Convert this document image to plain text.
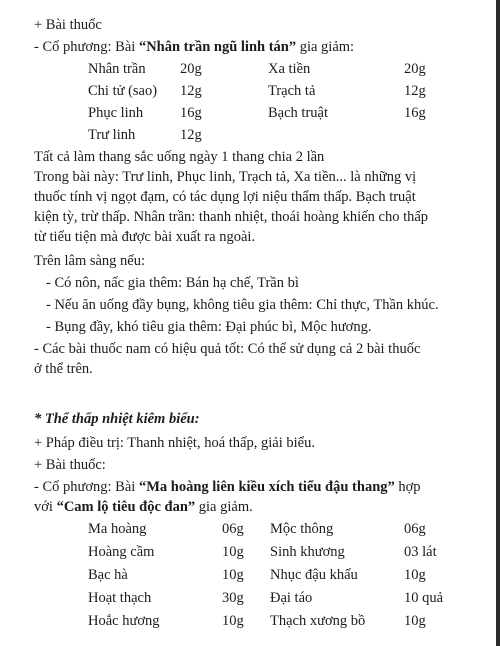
+ Bài thuốc
- Cổ phương: Bài “Nhân trần ngũ linh tán” gia giảm:
Nhân trần 20g	Xa tiền	20g
Chi tử (sao) 12g	Trạch tả	12g
Phục linh	16g	Bạch truật	16g
Trư linh	12g
Tất cả làm thang sắc uống ngày 1 thang chia 2 lần
Trong bài này: Trư linh, Phục linh, Trạch tả, Xa tiền... là những vị
thuốc tính vị ngọt đạm, có tác dụng lợi niệu thẩm thấp. Bạch truật
kiện tỳ, trừ thấp. Nhân trần: thanh nhiệt, thoái hoàng khiến cho thấp
từ tiểu tiện mà được bài xuất ra ngoài.
Trên lâm sàng nếu:
- Có nôn, nấc gia thêm: Bán hạ chế, Trần bì
- Nếu ăn uống đầy bụng, không tiêu gia thêm: Chỉ thực, Thần khúc.
- Bụng đầy, khó tiêu gia thêm: Đại phúc bì, Mộc hương.
- Các bài thuốc nam có hiệu quả tốt: Có thể sử dụng cả 2 bài thuốc
ở thể trên.
* Thể thấp nhiệt kiêm biểu:
+ Pháp điều trị: Thanh nhiệt, hoá thấp, giải biểu.
+ Bài thuốc:
- Cổ phương: Bài “Ma hoàng liên kiều xích tiểu đậu thang” hợp
với “Cam lộ tiêu độc đan” gia giảm.
Ma hoàng	06g Mộc thông	06g
Hoàng cầm	10g Sinh khương	03 lát
Bạc hà	10g Nhục đậu khấu	10g
Hoạt thạch	30g Đại táo	10 quả
Hoắc hương	10g Thạch xương bồ	10g
